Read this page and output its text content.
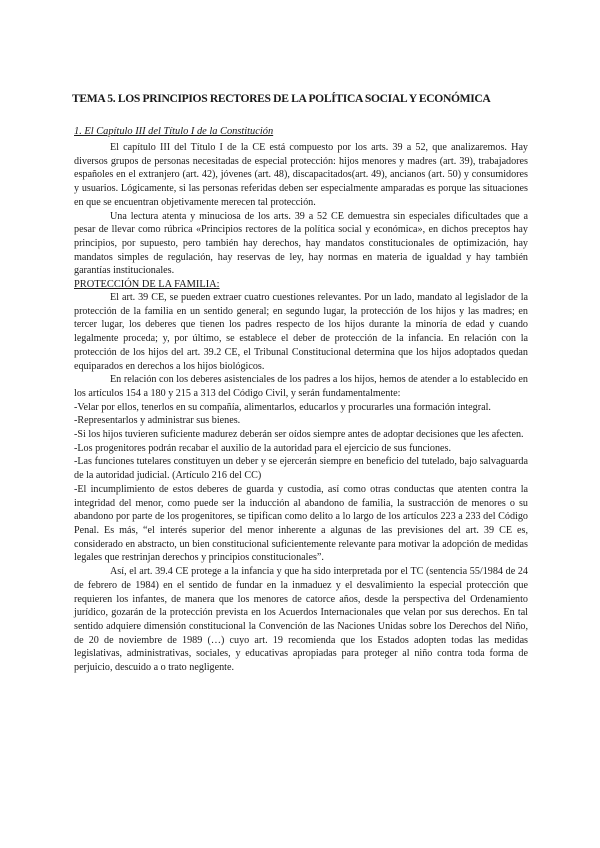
TEMA 5. LOS PRINCIPIOS RECTORES DE LA POLÍTICA SOCIAL Y ECONÓMICA
1. El Capítulo III del Título I de la Constitución

El capítulo III del Título I de la CE está compuesto por los arts. 39 a 52, que analizaremos. Hay diversos grupos de personas necesitadas de especial protección: hijos menores y madres (art. 39), trabajadores españoles en el extranjero (art. 42), jóvenes (art. 48), discapacitados(art. 49), ancianos (art. 50) y consumidores y usuarios. Lógicamente, si las personas referidas deben ser especialmente amparadas es porque las situaciones en que se encuentran objetivamente merecen tal protección.

Una lectura atenta y minuciosa de los arts. 39 a 52 CE demuestra sin especiales dificultades que a pesar de llevar como rúbrica «Principios rectores de la política social y económica», en dichos preceptos hay principios, por supuesto, pero también hay derechos, hay mandatos constitucionales de optimización, hay mandatos simples de regulación, hay reservas de ley, hay normas en materia de igualdad y hay también garantías institucionales.

PROTECCIÓN DE LA FAMILIA:

El art. 39 CE, se pueden extraer cuatro cuestiones relevantes. Por un lado, mandato al legislador de la protección de la familia en un sentido general; en segundo lugar, la protección de los hijos y las madres; en tercer lugar, los deberes que tienen los padres respecto de los hijos durante la minoría de edad y cuando legalmente proceda; y, por último, se establece el deber de protección de la infancia. En relación con la protección de los hijos del art. 39.2 CE, el Tribunal Constitucional determina que los hijos adoptados quedan equiparados en derechos a los hijos biológicos.

En relación con los deberes asistenciales de los padres a los hijos, hemos de atender a lo establecido en los artículos 154 a 180 y 215 a 313 del Código Civil, y serán fundamentalmente:

-Velar por ellos, tenerlos en su compañía, alimentarlos, educarlos y procurarles una formación integral.

-Representarlos y administrar sus bienes.

-Si los hijos tuvieren suficiente madurez deberán ser oídos siempre antes de adoptar decisiones que les afecten.

-Los progenitores podrán recabar el auxilio de la autoridad para el ejercicio de sus funciones.

-Las funciones tutelares constituyen un deber y se ejercerán siempre en beneficio del tutelado, bajo salvaguarda de la autoridad judicial. (Artículo 216 del CC)

-El incumplimiento de estos deberes de guarda y custodia, así como otras conductas que atenten contra la integridad del menor, como puede ser la inducción al abandono de familia, la sustracción de menores o su abandono por parte de los progenitores, se tipifican como delito a lo largo de los artículos 223 a 233 del Código Penal. Es más, “el interés superior del menor inherente a algunas de las previsiones del art. 39 CE es, considerado en abstracto, un bien constitucional suficientemente relevante para motivar la adopción de medidas legales que restrinjan derechos y principios constitucionales”.

Así, el art. 39.4 CE protege a la infancia y que ha sido interpretada por el TC (sentencia 55/1984 de 24 de febrero de 1984) en el sentido de fundar en la inmaduez y el desvalimiento la especial protección que requieren los infantes, de manera que los menores de catorce años, desde la perspectiva del Ordenamiento jurídico, gozarán de la protección prevista en los Acuerdos Internacionales que velan por sus derechos. En tal sentido adquiere dimensión constitucional la Convención de las Naciones Unidas sobre los Derechos del Niño, de 20 de noviembre de 1989 (…) cuyo art. 19 recomienda que los Estados adopten todas las medidas legislativas, administrativas, sociales, y educativas apropiadas para proteger al niño contra toda forma de perjuicio, descuido a o trato negligente.
